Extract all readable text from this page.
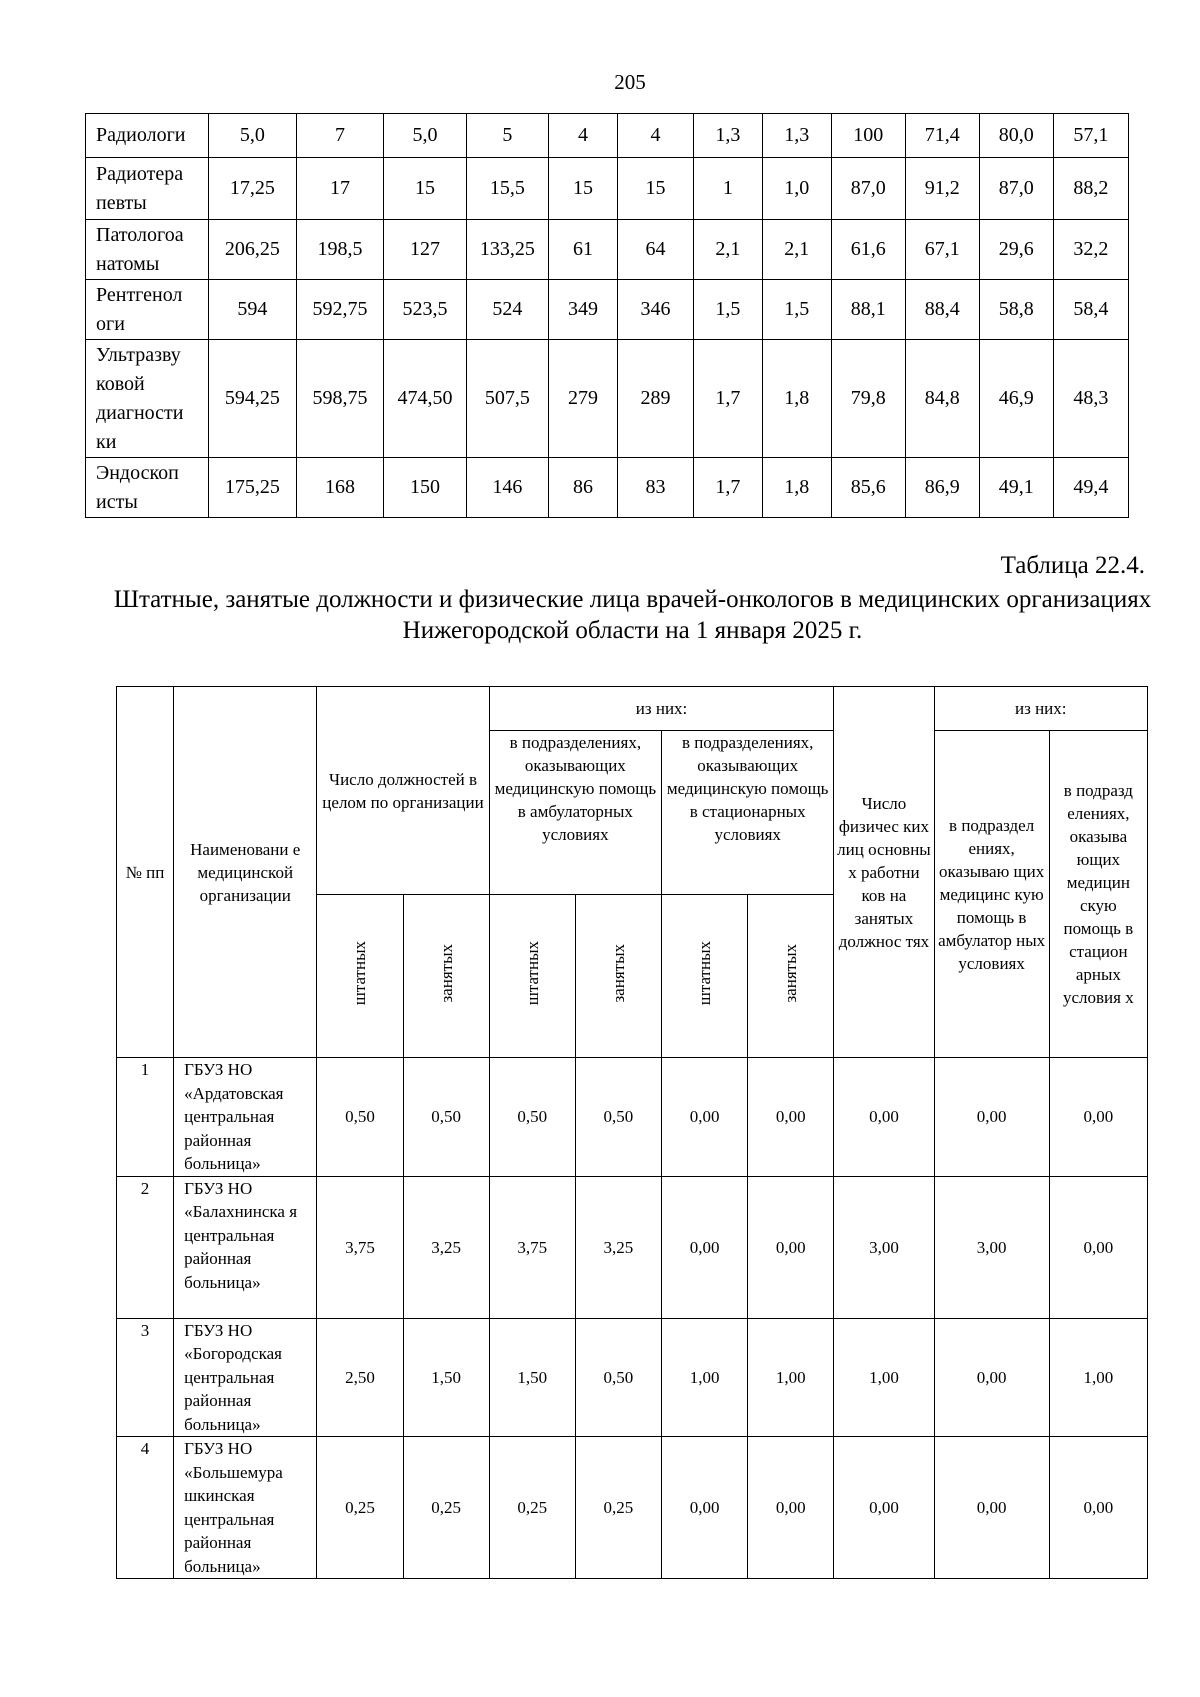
205
Радиологи	5,0	7	5,0	5	4	4	1,3	1,3	100	71,4	80,0	57,1
Радиотера певты	17,25	17	15	15,5	15	15	1	1,0	87,0	91,2	87,0	88,2
Патологоа натомы	206,25	198,5	127	133,25	61	64	2,1	2,1	61,6	67,1	29,6	32,2
Рентгенол оги	594	592,75	523,5	524	349	346	1,5	1,5	88,1	88,4	58,8	58,4
Ультразву ковой диагности ки	594,25	598,75	474,50	507,5	279	289	1,7	1,8	79,8	84,8	46,9	48,3
Эндоскоп исты	175,25	168	150	146	86	83	1,7	1,8	85,6	86,9	49,1	49,4
Таблица 22.4.
Штатные, занятые должности и физические лица врачей-онкологов в медицинских организациях Нижегородской области на 1 января 2025 г.
№ пп	Наименовани е медицинской организации	Число должностей в целом по организации		из них:				Число физичес ких лиц основны х работни ков на занятых должнос тях	из них:	
				в подразделениях, оказывающих медицинскую помощь в амбулаторных условиях		в подразделениях, оказывающих медицинскую помощь в стационарных условиях			в подраздел ениях, оказываю щих медицинс кую помощь в амбулатор ных условиях	в подразд елениях, оказыва ющих медицин скую помощь в стацион арных условия х
		штатных	занятых	штатных	занятых	штатных	занятых			
1	ГБУЗ НО «Ардатовская центральная районная больница»	0,50	0,50	0,50	0,50	0,00	0,00	0,00	0,00	0,00
2	ГБУЗ НО «Балахнинска я центральная районная больница»	3,75	3,25	3,75	3,25	0,00	0,00	3,00	3,00	0,00
3	ГБУЗ НО «Богородская центральная районная больница»	2,50	1,50	1,50	0,50	1,00	1,00	1,00	0,00	1,00
4	ГБУЗ НО «Большемура шкинская центральная районная больница»	0,25	0,25	0,25	0,25	0,00	0,00	0,00	0,00	0,00
